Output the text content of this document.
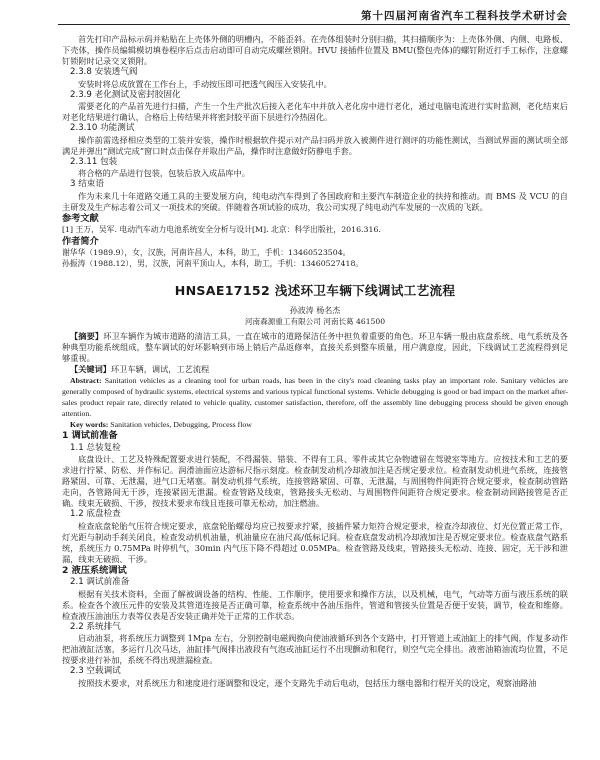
第十四届河南省汽车工程科技学术研讨会

首先打印产品标示码并粘贴在上壳体外侧的明槽内，不能歪斜。在壳体组装时分别扫描，其扫描顺序为：上壳体外侧、内侧、电路板、下壳体，操作员编辑模切填卷程序后点击启动即可自动完成螺丝锁附。HVU 接插件位置及 BMU(整包壳体)的螺钉附近打手工标作，注意螺钉锁附时记录交叉锁附。

2.3.8 安装透气阀

安装时将总成放置在工作台上，手动按压即可把透气阀压入安装孔中。

2.3.9 老化测试及密封胶固化

需要老化的产品首先进行扫描，产生一个生产批次后接入老化车中并放入老化房中进行老化，通过电脑电流进行实时监测，老化结束后对老化结果进行确认，合格后上传结果并将密封胶平面下层进行冷热固化。

2.3.10 功能测试

操作前需选择相应类型的工装并安装，操作时根据软件提示对产品扫码并放入被测件进行测评的功能性测试，当测试界面的测试项全部满足并弹出“测试完成”窗口时点击保存并取出产品，操作时注意做好防静电手套。

2.3.11 包装

将合格的产品进行包装，包装后放入成品库中。

3 结束语

作为未来几十年道路交通工具的主要发展方向，纯电动汽车得到了各国政府和主要汽车制造企业的扶持和推动。而 BMS 及 VCU 的自主研发及生产标志着公司又一项技术的突破。伴随着各项试验的成功，我公司实现了纯电动汽车发展的一次质的飞跃。

参考文献

[1] 王万，吴军. 电动汽车动力电池系统安全分析与设计[M]. 北京：科学出版社，2016.316.

作者简介

谢华华（1989.9），女，汉族，河南许昌人，本科，助工，手机：13460523504。

孙振涛（1988.12），男，汉族，河南平顶山人，本科，助工，手机：13460527418。

HNSAE17152 浅述环卫车辆下线调试工艺流程

孙波涛 杨名杰

河南森源重工有限公司 河南长葛 461500

【摘要】环卫车辆作为城市道路的清洁工具，一直在城市的道路保洁任务中担负着重要的角色。环卫车辆一般由底盘系统、电气系统及各种典型功能系统组成，整车调试的好坏影响到市场上销后产品返修率，直接关系到整车质量，用户满意度，因此，下线调试工艺流程得到足够重视。

【关键词】环卫车辆，调试，工艺流程

Abstract: Sanitation vehicles as a cleaning tool for urban roads, has been in the city's road cleaning tasks play an important role. Sanitary vehicles are generally composed of hydraulic systems, electrical systems and various typical functional systems. Vehicle debugging is good or bad impact on the market after-sales product repair rate, directly related to vehicle quality, customer satisfaction, therefore, off the assembly line debugging process should be given enough attention.

Key words: Sanitation vehicles, Debugging, Process flow

1 调试前准备

1.1 总装复检

底盘设计、工艺及特殊配置要求进行装配，不得漏装、错装、不得有工具、零件或其它杂物遗留在驾驶室等地方。应按技术和工艺的要求进行拧紧、防松、并作标记。润滑油面应达游标尺指示刻度。检查制发动机冷却液加注是否规定要求位。检查制发动机进气系统，连接管路紧固、可靠、无泄漏，进气口无堵塞。制发动机排气系统，连接管路紧固、可靠、无泄漏，与周围物件间距符合规定要求，检查制动管路走向，各管路间无干涉，连接紧固无泄漏。检查管路及线束，管路接头无松动、与周围物件间距符合规定要求。检查制动回路接管是否正确。线束无破损、干涉，按技术要求布线且连接可靠无松动，加注燃油。

1.2 底盘检查

检查底盘轮胎气压符合规定要求，底盘轮胎螺母均应已按要求拧紧，接插件紧力矩符合规定要求，检查冷却液位、灯光位置正常工作，灯光距与制动手刹关闭良，检查发动机机油量，机油量应在油尺高/低标记间。检查底盘发动机冷却液加注是否规定要求位。检查底盘气路系统，系统压力 0.75MPa 时停机气，30min 内气压下降不得超过 0.05MPa。检查管路及线束，管路接头无松动、连接、固定，无干涉和泄漏，线束无破损、干涉。

2 液压系统调试

2.1 调试前准备

根据有关技术资料，全面了解被调设备的结构、性能、工作顺序，使用要求和操作方法，以及机械，电气，气动等方面与液压系统的联系。检查各个液压元件的安装及其管道连接是否正确可靠，检查系统中各油压指件，管道和管接头位置是否便于安装，调节，检查和维修。检查液压油油压力表等仪表是否安装正确并处于正常的工作状态。

2.2 系统排气

启动油泵，将系统压力调整到 1Mpa 左右，分别控制电磁阀换向使油液循环到各个支路中，打开管道上或油缸上的排气阀，作复多动作把油液缸活塞，多运行几次马达，油缸排气阀排出液段有气泡或油缸运行不出现颤动和爬行，则空气完全排出。液密油箱油流均位置，不足按要求进行补加，系统不得出现泄漏检查。

2.3 空载调试

按照技术要求，对系统压力和速度进行逐调整和设定，逐个支路先手动后电动，包括压力继电器和行程开关的设定，观察油路油
